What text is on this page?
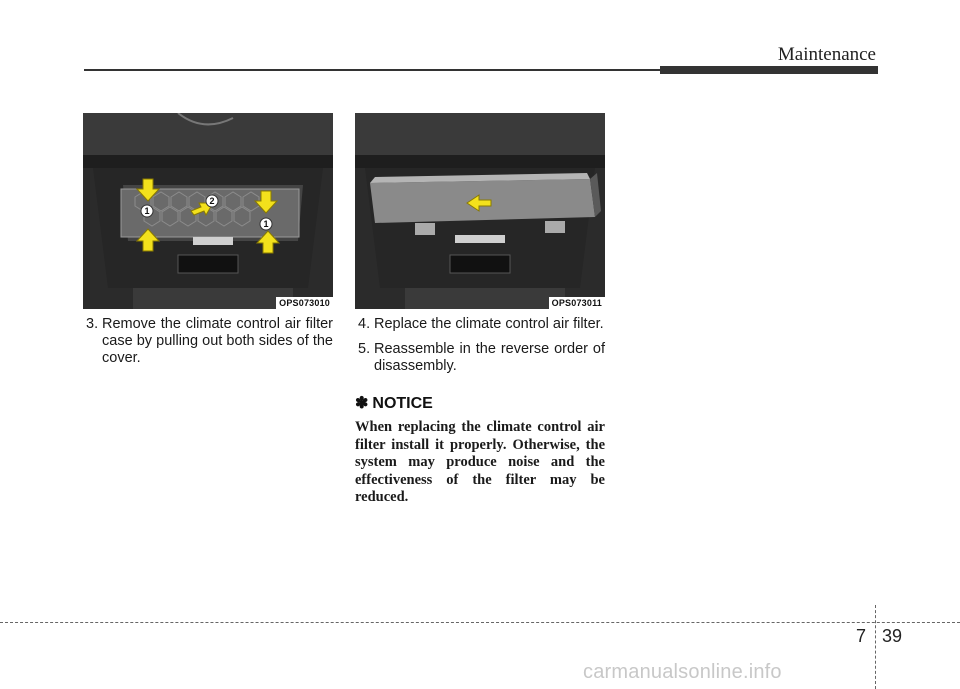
Maintenance
1
2
1
OPS073010	OPS073011
3. Remove the climate control air filter case by pulling out both sides of the cover.
4. Replace the climate control air filter.
5. Reassemble in the reverse order of disassembly.
✽ NOTICE
When replacing the climate control air filter install it properly. Otherwise, the system may produce noise and the effectiveness of the filter may be reduced.
7 39
carmanualsonline.info
